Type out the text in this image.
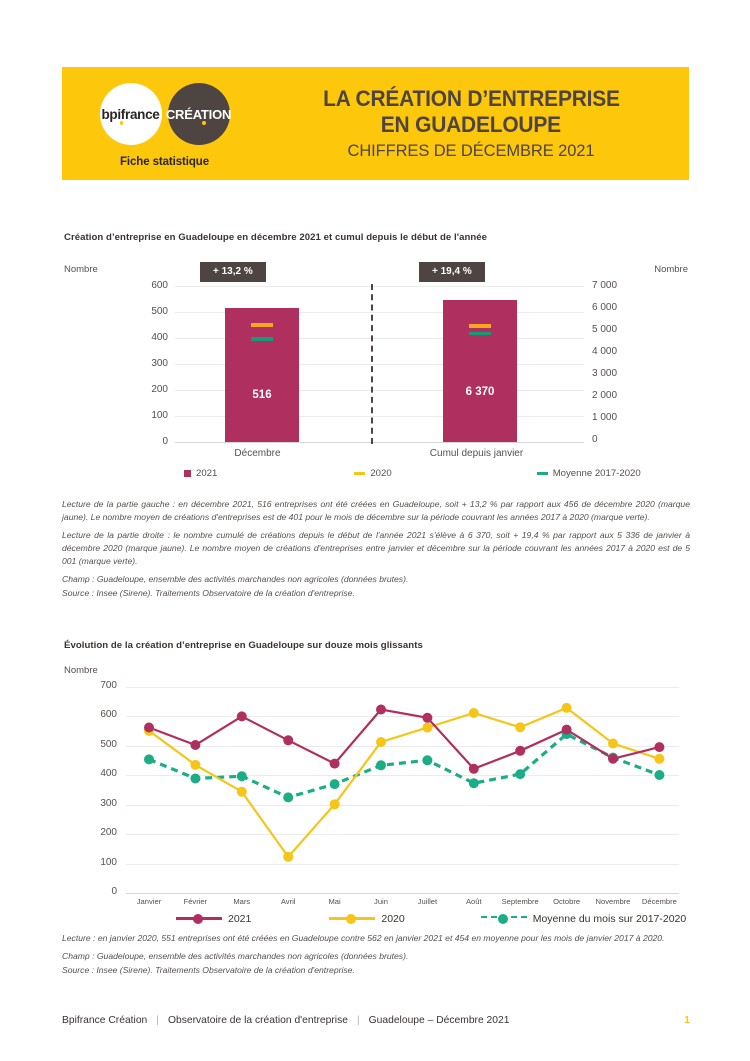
bpifrance CRÉATION
Fiche statistique
LA CRÉATION D’ENTREPRISE
EN GUADELOUPE
CHIFFRES DE DÉCEMBRE 2021
Création d’entreprise en Guadeloupe en décembre 2021 et cumul depuis le début de l'année
Nombre	Nombre
516	6 370
600
500
400
300
200
100
0
7 000
6 000
5 000
4 000
3 000
2 000
1 000
0
+ 13,2 %	+ 19,4 %
Décembre	Cumul depuis janvier
2021	2020	Moyenne 2017-2020

Lecture de la partie gauche : en décembre 2021, 516 entreprises ont été créées en Guadeloupe, soit + 13,2 % par rapport aux 456 de décembre 2020 (marque jaune). Le nombre moyen de créations d'entreprises est de 401 pour le mois de décembre sur la période couvrant les années 2017 à 2020 (marque verte).

Lecture de la partie droite : le nombre cumulé de créations depuis le début de l'année 2021 s'élève à 6 370, soit + 19,4 % par rapport aux 5 336 de janvier à décembre 2020 (marque jaune). Le nombre moyen de créations d'entreprises entre janvier et décembre sur la période couvrant les années 2017 à 2020 est de 5 001 (marque verte).

Champ : Guadeloupe, ensemble des activités marchandes non agricoles (données brutes).

Source : Insee (Sirene). Traitements Observatoire de la création d'entreprise.

Évolution de la création d’entreprise en Guadeloupe sur douze mois glissants
Nombre
700
600
500
400
300
200
100
0
Janvier	Février	Mars	Avril	Mai	Juin	Juillet	Août	Septembre	Octobre	Novembre	Décembre
2021	2020	Moyenne du mois sur 2017-2020

Lecture : en janvier 2020, 551 entreprises ont été créées en Guadeloupe contre 562 en janvier 2021 et 454 en moyenne pour les mois de janvier 2017 à 2020.

Champ : Guadeloupe, ensemble des activités marchandes non agricoles (données brutes).

Source : Insee (Sirene). Traitements Observatoire de la création d'entreprise.

Bpifrance Création | Observatoire de la création d'entreprise | Guadeloupe – Décembre 2021	1
